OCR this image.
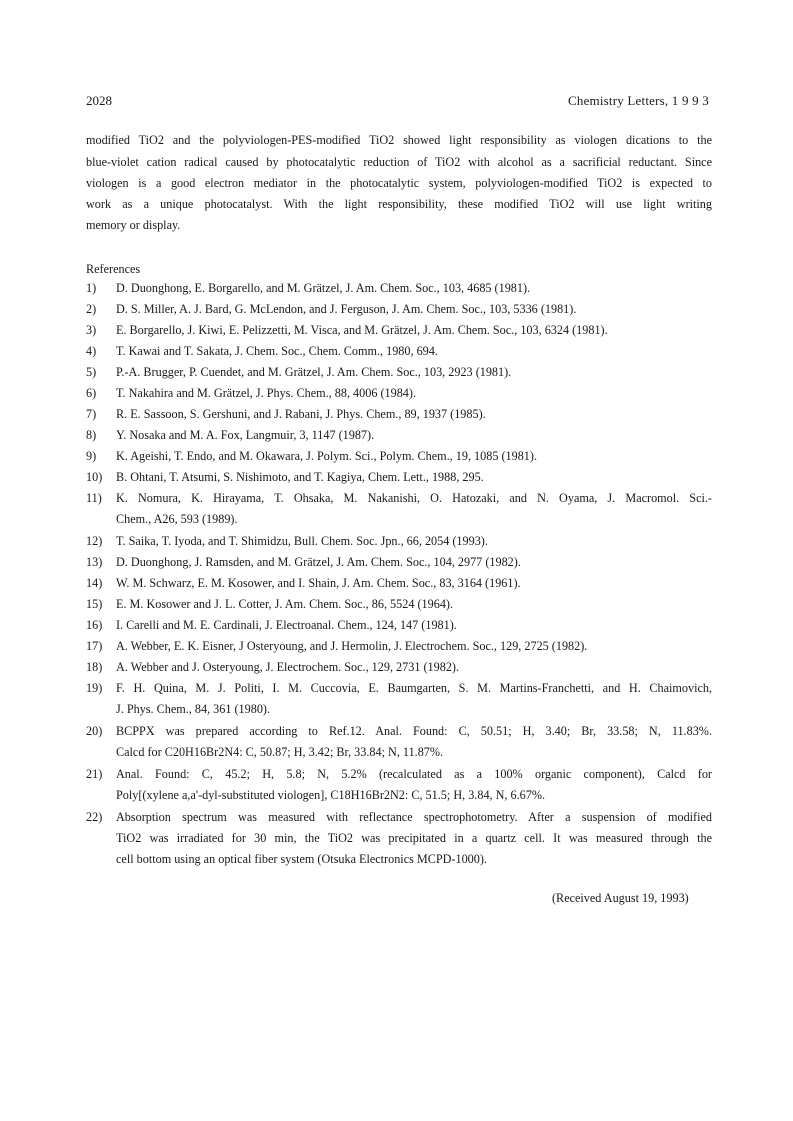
2028	Chemistry Letters, 1 9 9 3
modified TiO2 and the polyviologen-PES-modified TiO2 showed light responsibility as viologen dications to the
blue-violet cation radical caused by photocatalytic reduction of TiO2 with alcohol as a sacrificial reductant. Since
viologen is a good electron mediator in the photocatalytic system, polyviologen-modified TiO2 is expected to
work as a unique photocatalyst. With the light responsibility, these modified TiO2 will use light writing
memory or display.
References
1)	D. Duonghong, E. Borgarello, and M. Grätzel, J. Am. Chem. Soc., 103, 4685 (1981).
2)	D. S. Miller, A. J. Bard, G. McLendon, and J. Ferguson, J. Am. Chem. Soc., 103, 5336 (1981).
3)	E. Borgarello, J. Kiwi, E. Pelizzetti, M. Visca, and M. Grätzel, J. Am. Chem. Soc., 103, 6324 (1981).
4)	T. Kawai and T. Sakata, J. Chem. Soc., Chem. Comm., 1980, 694.
5)	P.-A. Brugger, P. Cuendet, and M. Grätzel, J. Am. Chem. Soc., 103, 2923 (1981).
6)	T. Nakahira and M. Grätzel, J. Phys. Chem., 88, 4006 (1984).
7)	R. E. Sassoon, S. Gershuni, and J. Rabani, J. Phys. Chem., 89, 1937 (1985).
8)	Y. Nosaka and M. A. Fox, Langmuir, 3, 1147 (1987).
9)	K. Ageishi, T. Endo, and M. Okawara, J. Polym. Sci., Polym. Chem., 19, 1085 (1981).
10)	B. Ohtani, T. Atsumi, S. Nishimoto, and T. Kagiya, Chem. Lett., 1988, 295.
11)	K. Nomura, K. Hirayama, T. Ohsaka, M. Nakanishi, O. Hatozaki, and N. Oyama, J. Macromol. Sci.-
Chem., A26, 593 (1989).
12)	T. Saika, T. Iyoda, and T. Shimidzu, Bull. Chem. Soc. Jpn., 66, 2054 (1993).
13)	D. Duonghong, J. Ramsden, and M. Grätzel, J. Am. Chem. Soc., 104, 2977 (1982).
14)	W. M. Schwarz, E. M. Kosower, and I. Shain, J. Am. Chem. Soc., 83, 3164 (1961).
15)	E. M. Kosower and J. L. Cotter, J. Am. Chem. Soc., 86, 5524 (1964).
16)	I. Carelli and M. E. Cardinali, J. Electroanal. Chem., 124, 147 (1981).
17)	A. Webber, E. K. Eisner, J Osteryoung, and J. Hermolin, J. Electrochem. Soc., 129, 2725 (1982).
18)	A. Webber and J. Osteryoung, J. Electrochem. Soc., 129, 2731 (1982).
19)	F. H. Quina, M. J. Politi, I. M. Cuccovia, E. Baumgarten, S. M. Martins-Franchetti, and H. Chaimovich,
J. Phys. Chem., 84, 361 (1980).
20)	BCPPX was prepared according to Ref.12. Anal. Found: C, 50.51; H, 3.40; Br, 33.58; N, 11.83%.
Calcd for C20H16Br2N4: C, 50.87; H, 3.42; Br, 33.84; N, 11.87%.
21)	Anal. Found: C, 45.2; H, 5.8; N, 5.2% (recalculated as a 100% organic component), Calcd for
Poly[(xylene a,a'-dyl-substituted viologen], C18H16Br2N2: C, 51.5; H, 3.84, N, 6.67%.
22)	Absorption spectrum was measured with reflectance spectrophotometry. After a suspension of modified
TiO2 was irradiated for 30 min, the TiO2 was precipitated in a quartz cell. It was measured through the
cell bottom using an optical fiber system (Otsuka Electronics MCPD-1000).
(Received August 19, 1993)
